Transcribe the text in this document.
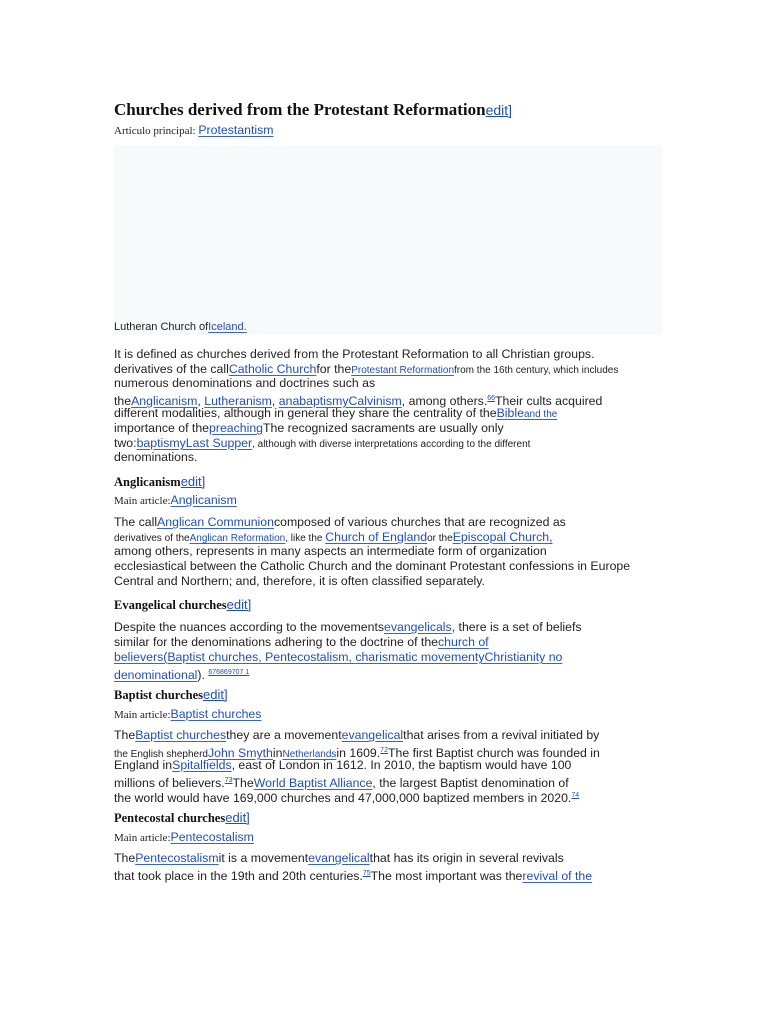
Churches derived from the Protestant Reformationedit]
Artículo principal: Protestantism
Lutheran Church ofIceland.
It is defined as churches derived from the Protestant Reformation to all Christian groups.
derivatives of the callCatholic Churchfor theProtestant Reformationfrom the 16th century, which includes
numerous denominations and doctrines such as
theAnglicanism, Lutheranism, anabaptismyCalvinism, among others.$^{66}$Their cults acquired
different modalities, although in general they share the centrality of theBibleand the
importance of thepreachingThe recognized sacraments are usually only
two:baptismyLast Supper, although with diverse interpretations according to the different
denominations.
Anglicanismedit]
Main article:Anglicanism
The callAnglican Communioncomposed of various churches that are recognized as
derivatives of theAnglican Reformation, like the Church of Englandor theEpiscopal Church,
among others, represents in many aspects an intermediate form of organization
ecclesiastical between the Catholic Church and the dominant Protestant confessions in Europe
Central and Northern; and, therefore, it is often classified separately.
Evangelical churchesedit]
Despite the nuances according to the movementsevangelicals, there is a set of beliefs
similar for the denominations adhering to the doctrine of thechurch of
believers(Baptist churches, Pentecostalism, charismatic movementyChristianity no
denominational). $^{676869707 1}$
Baptist churchesedit]
Main article:Baptist churches
TheBaptist churchesthey are a movementevangelicalthat arises from a revival initiated by
the English shepherdJohn SmythinNetherlandsin 1609.72The first Baptist church was founded in
England inSpitalfields, east of London in 1612. In 2010, the baptism would have 100
millions of believers.$^{73}$TheWorld Baptist Alliance, the largest Baptist denomination of
the world would have 169,000 churches and 47,000,000 baptized members in 2020.74
Pentecostal churchesedit]
Main article:Pentecostalism
ThePentecostalismit is a movementevangelicalthat has its origin in several revivals
that took place in the 19th and 20th centuries.$^{75}$The most important was therevival of the
